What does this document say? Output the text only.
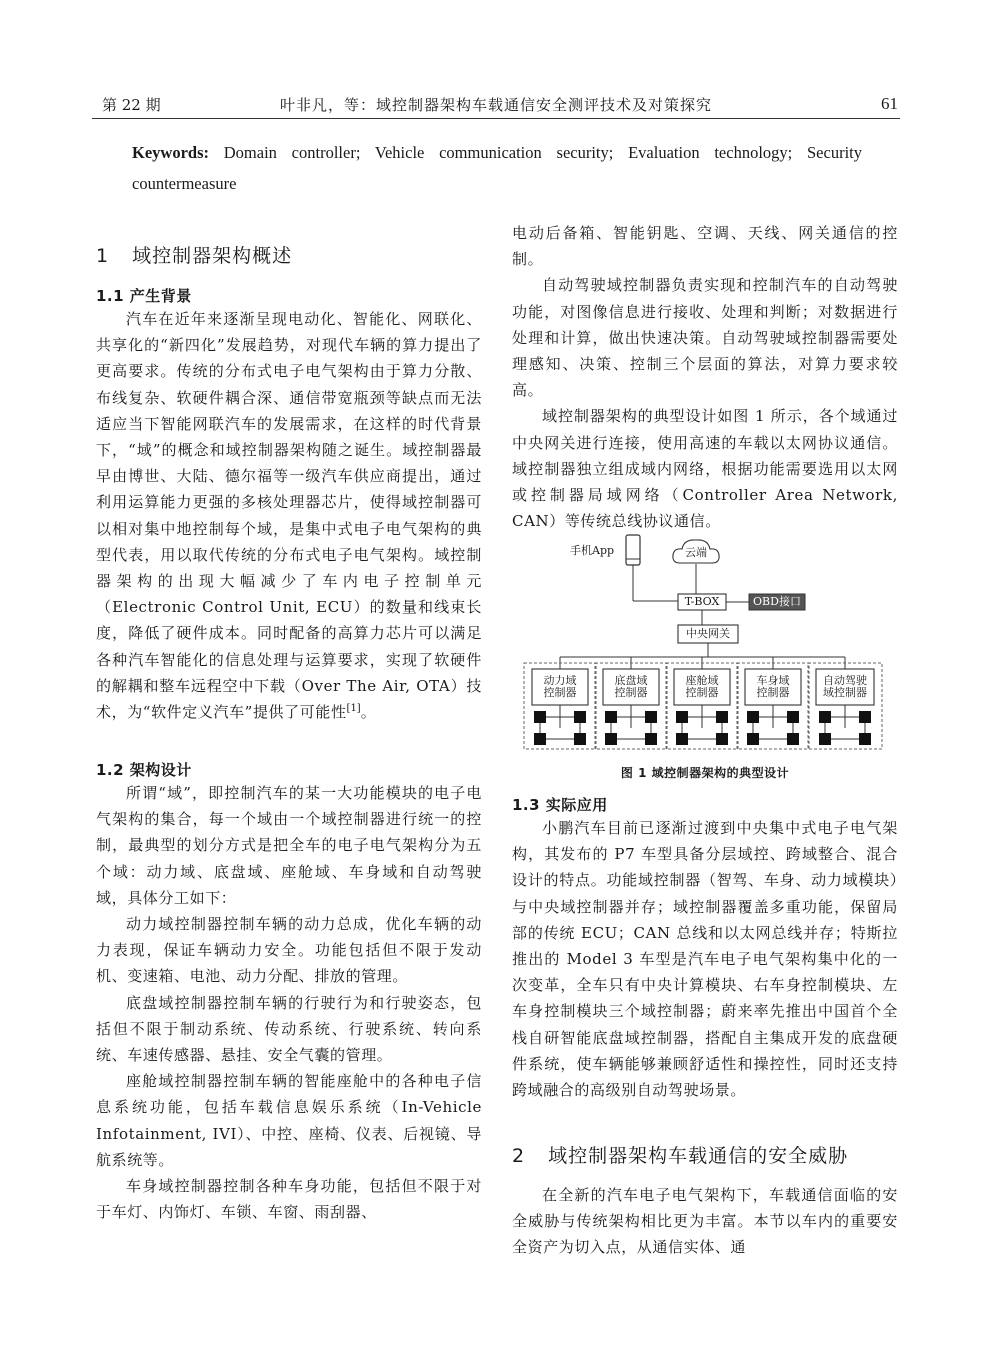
第 22 期	叶非凡，等：域控制器架构车载通信安全测评技术及对策探究	61
Keywords: Domain controller; Vehicle communication security; Evaluation technology; Security countermeasure
1 域控制器架构概述
1.1 产生背景

汽车在近年来逐渐呈现电动化、智能化、网联化、共享化的“新四化”发展趋势，对现代车辆的算力提出了更高要求。传统的分布式电子电气架构由于算力分散、布线复杂、软硬件耦合深、通信带宽瓶颈等缺点而无法适应当下智能网联汽车的发展需求，在这样的时代背景下，“域”的概念和域控制器架构随之诞生。域控制器最早由博世、大陆、德尔福等一级汽车供应商提出，通过利用运算能力更强的多核处理器芯片，使得域控制器可以相对集中地控制每个域，是集中式电子电气架构的典型代表，用以取代传统的分布式电子电气架构。域控制器架构的出现大幅减少了车内电子控制单元（Electronic Control Unit, ECU）的数量和线束长度，降低了硬件成本。同时配备的高算力芯片可以满足各种汽车智能化的信息处理与运算要求，实现了软硬件的解耦和整车远程空中下载（Over The Air, OTA）技术，为“软件定义汽车”提供了可能性[1]。

1.2 架构设计

所谓“域”，即控制汽车的某一大功能模块的电子电气架构的集合，每一个域由一个域控制器进行统一的控制，最典型的划分方式是把全车的电子电气架构分为五个域：动力域、底盘域、座舱域、车身域和自动驾驶域，具体分工如下：

动力域控制器控制车辆的动力总成，优化车辆的动力表现，保证车辆动力安全。功能包括但不限于发动机、变速箱、电池、动力分配、排放的管理。

底盘域控制器控制车辆的行驶行为和行驶姿态，包括但不限于制动系统、传动系统、行驶系统、转向系统、车速传感器、悬挂、安全气囊的管理。

座舱域控制器控制车辆的智能座舱中的各种电子信息系统功能，包括车载信息娱乐系统（In-Vehicle Infotainment, IVI）、中控、座椅、仪表、后视镜、导航系统等。

车身域控制器控制各种车身功能，包括但不限于对于车灯、内饰灯、车锁、车窗、雨刮器、

电动后备箱、智能钥匙、空调、天线、网关通信的控制。

自动驾驶域控制器负责实现和控制汽车的自动驾驶功能，对图像信息进行接收、处理和判断；对数据进行处理和计算，做出快速决策。自动驾驶域控制器需要处理感知、决策、控制三个层面的算法，对算力要求较高。

域控制器架构的典型设计如图 1 所示，各个域通过中央网关进行连接，使用高速的车载以太网协议通信。域控制器独立组成域内网络，根据功能需要选用以太网或控制器局域网络（Controller Area Network, CAN）等传统总线协议通信。

手机App	云端
T-BOX	OBD接口
中央网关
动力域
控制器
底盘域
控制器
座舱域
控制器
车身域
控制器
自动驾驶
域控制器
图 1 域控制器架构的典型设计
1.3 实际应用

小鹏汽车目前已逐渐过渡到中央集中式电子电气架构，其发布的 P7 车型具备分层域控、跨域整合、混合设计的特点。功能域控制器（智驾、车身、动力域模块）与中央域控制器并存；域控制器覆盖多重功能，保留局部的传统 ECU；CAN 总线和以太网总线并存；特斯拉推出的 Model 3 车型是汽车电子电气架构集中化的一次变革，全车只有中央计算模块、右车身控制模块、左车身控制模块三个域控制器；蔚来率先推出中国首个全栈自研智能底盘域控制器，搭配自主集成开发的底盘硬件系统，使车辆能够兼顾舒适性和操控性，同时还支持跨域融合的高级别自动驾驶场景。

2 域控制器架构车载通信的安全威胁

在全新的汽车电子电气架构下，车载通信面临的安全威胁与传统架构相比更为丰富。本节以车内的重要安全资产为切入点，从通信实体、通
